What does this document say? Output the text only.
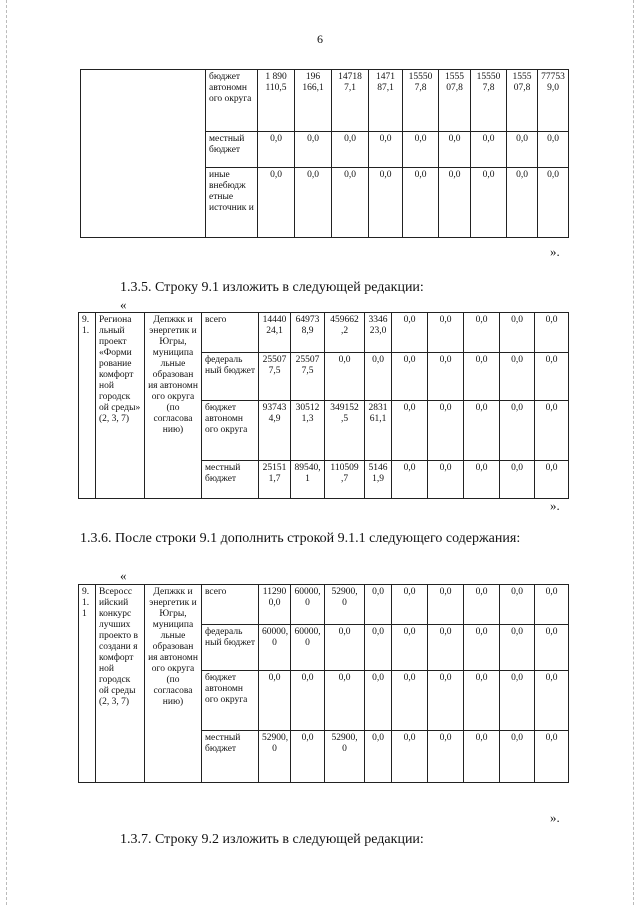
6
	бюджет автономн ого округа	1 890 110,5	196 166,1	14718 7,1	1471 87,1	15550 7,8	1555 07,8	15550 7,8	1555 07,8	77753 9,0
	местный бюджет	0,0	0,0	0,0	0,0	0,0	0,0	0,0	0,0	0,0
	иные внебюдж етные источник и	0,0	0,0	0,0	0,0	0,0	0,0	0,0	0,0	0,0
».
1.3.5. Строку 9.1 изложить в следующей редакции:
«
9. 1.	Регионa льный проект «Форми рование комфорт ной городск ой среды» (2, 3, 7)	Депжкк и энергетик и Югры, муниципа льные образован ия автономн ого округа (по согласова нию)	всего	14440 24,1	64973 8,9	459662 ,2	3346 23,0	0,0	0,0	0,0	0,0	0,0
			федераль ный бюджет	25507 7,5	25507 7,5	0,0	0,0	0,0	0,0	0,0	0,0	0,0
			бюджет автономн ого округа	93743 4,9	30512 1,3	349152 ,5	2831 61,1	0,0	0,0	0,0	0,0	0,0
			местный бюджет	25151 1,7	89540, 1	110509 ,7	5146 1,9	0,0	0,0	0,0	0,0	0,0
».
1.3.6. После строки 9.1 дополнить строкой 9.1.1 следующего содержания:
«
9. 1. 1	Всеросс ийский конкурс лучших проекто в создани я комфорт ной городск ой среды (2, 3, 7)	Депжкк и энергетик и Югры, муниципа льные образован ия автономн ого округа (по согласова нию)	всего	11290 0,0	60000, 0	52900, 0	0,0	0,0	0,0	0,0	0,0	0,0
			федераль ный бюджет	60000, 0	60000, 0	0,0	0,0	0,0	0,0	0,0	0,0	0,0
			бюджет автономн ого округа	0,0	0,0	0,0	0,0	0,0	0,0	0,0	0,0	0,0
			местный бюджет	52900, 0	0,0	52900, 0	0,0	0,0	0,0	0,0	0,0	0,0
».
1.3.7. Строку 9.2 изложить в следующей редакции:
